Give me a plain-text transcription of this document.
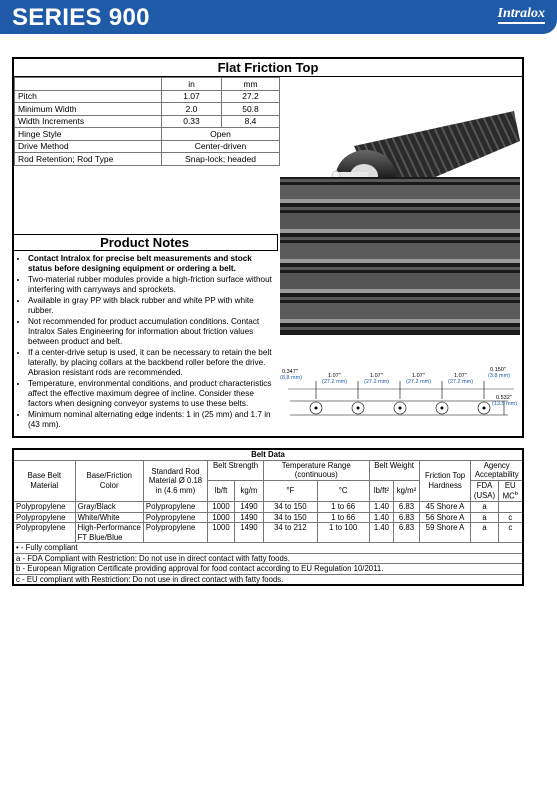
SERIES 900	Intralox
Flat Friction Top
	in	mm
Pitch	1.07	27.2
Minimum Width	2.0	50.8
Width Increments	0.33	8.4
Hinge Style	Open	
Drive Method	Center-driven	
Rod Retention; Rod Type	Snap-lock; headed	
Product Notes
• Contact Intralox for precise belt measurements and stock status before designing equipment or ordering a belt.
• Two-material rubber modules provide a high-friction surface without interfering with carryways and sprockets.
• Available in gray PP with black rubber and white PP with white rubber.
• Not recommended for product accumulation conditions. Contact Intralox Sales Engineering for information about friction values between product and belt.
• If a center-drive setup is used, it can be necessary to retain the belt laterally, by placing collars at the backbend roller before the drive. Abrasion resistant rods are recommended.
• Temperature, environmental conditions, and product characteristics affect the effective maximum degree of incline. Consider these factors when designing conveyor systems to use these belts.
• Minimum nominal alternating edge indents: 1 in (25 mm) and 1.7 in (43 mm).
0.347"
(8.8 mm)	1.07"
(27.2 mm)
1.07"
(27.2 mm)
1.07"
(27.2 mm)
1.07"
(27.2 mm)
0.150"
(3.8 mm)
0.532"
(13.5 mm)
Belt Data											
Base Belt Material	Base/Friction Color	Standard Rod Material Ø 0.18 in (4.6 mm)	Belt Strength		Temperature Range (continuous)		Belt Weight		Friction Top Hardness	Agency Acceptability	
			lb/ft	kg/m	°F	°C	lb/ft²	kg/m²		FDA (USA)	EU $MC^b$
Polypropylene	Gray/Black	Polypropylene	1000	1490	34 to 150	1 to 66	1.40	6.83	45 Shore A	a	
Polypropylene	White/White	Polypropylene	1000	1490	34 to 150	1 to 66	1.40	6.83	56 Shore A	a	c
Polypropylene	High-Performance FT Blue/Blue	Polypropylene	1000	1490	34 to 212	1 to 100	1.40	6.83	59 Shore A	a	c
• - Fully compliant											
a - FDA Compliant with Restriction: Do not use in direct contact with fatty foods.											
b - European Migration Certificate providing approval for food contact according to EU Regulation 10/2011.											
c - EU compliant with Restriction: Do not use in direct contact with fatty foods.											
